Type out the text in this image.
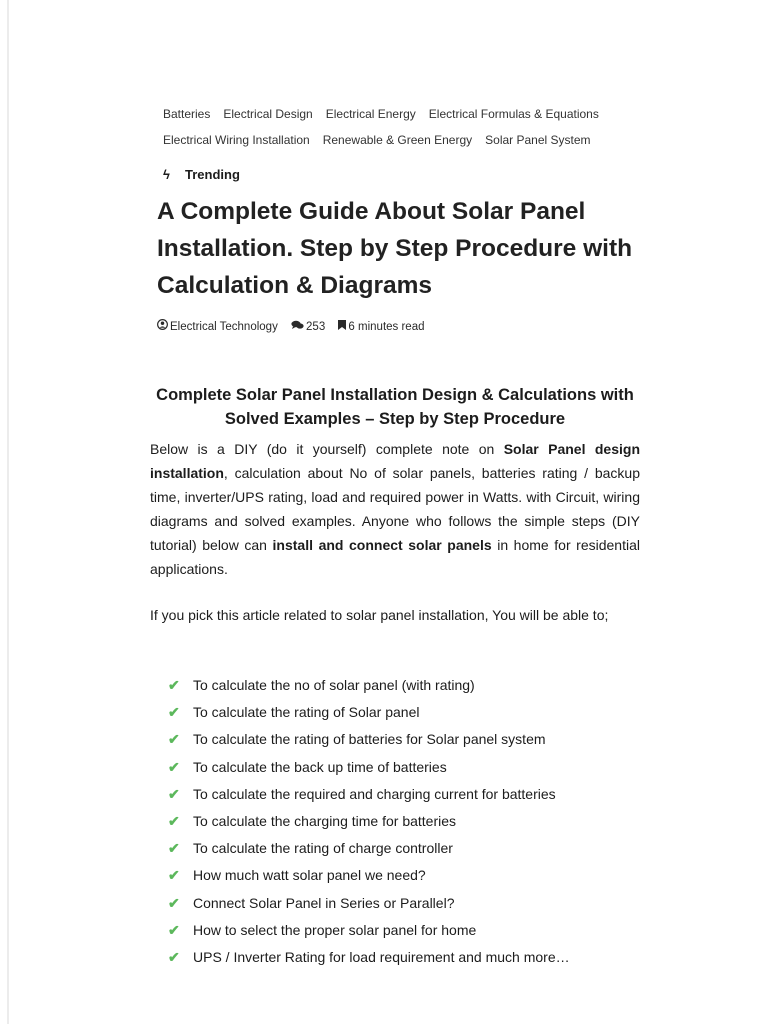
Batteries Electrical Design Electrical Energy Electrical Formulas & Equations
Electrical Wiring Installation Renewable & Green Energy Solar Panel System
ϟ Trending
A Complete Guide About Solar Panel Installation. Step by Step Procedure with Calculation & Diagrams
Electrical Technology 253 6 minutes read
Complete Solar Panel Installation Design & Calculations with Solved Examples – Step by Step Procedure

Below is a DIY (do it yourself) complete note on Solar Panel design installation, calculation about No of solar panels, batteries rating / backup time, inverter/UPS rating, load and required power in Watts. with Circuit, wiring diagrams and solved examples. Anyone who follows the simple steps (DIY tutorial) below can install and connect solar panels in home for residential applications.

If you pick this article related to solar panel installation, You will be able to;

✔ To calculate the no of solar panel (with rating)
✔ To calculate the rating of Solar panel
✔ To calculate the rating of batteries for Solar panel system
✔ To calculate the back up time of batteries
✔ To calculate the required and charging current for batteries
✔ To calculate the charging time for batteries
✔ To calculate the rating of charge controller
✔ How much watt solar panel we need?
✔ Connect Solar Panel in Series or Parallel?
✔ How to select the proper solar panel for home
✔ UPS / Inverter Rating for load requirement and much more…
